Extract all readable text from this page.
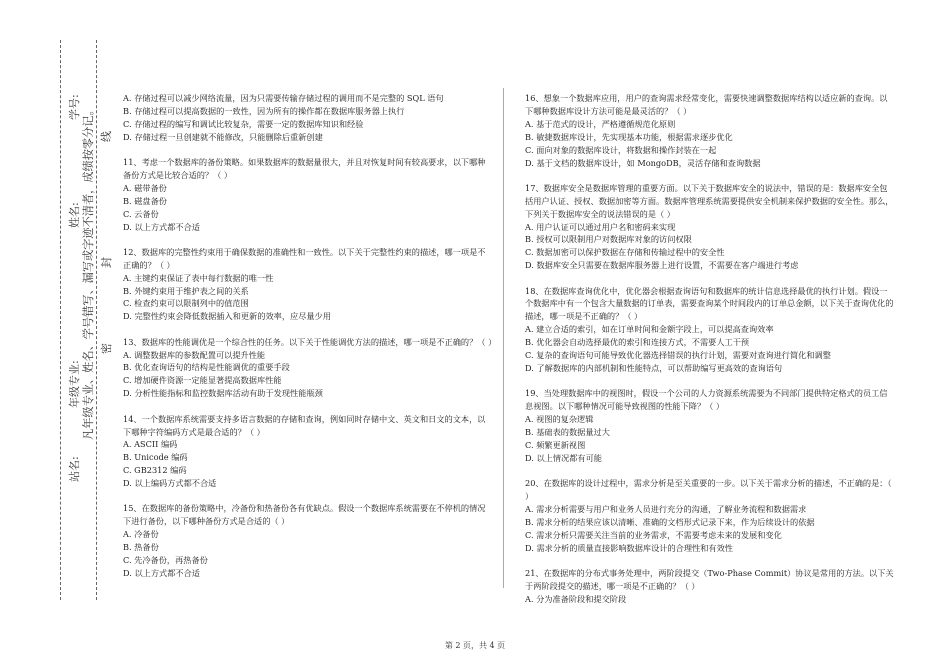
学号:
姓名:
年级专业:
站名:
凡年级专业、姓名、学号错写、漏写或字迹不清者，成绩按零分记。 密
封
线

A. 存储过程可以减少网络流量，因为只需要传输存储过程的调用而不是完整的 SQL 语句

B. 存储过程可以提高数据的一致性，因为所有的操作都在数据库服务器上执行

C. 存储过程的编写和调试比较复杂，需要一定的数据库知识和经验

D. 存储过程一旦创建就不能修改，只能删除后重新创建

11、考虑一个数据库的备份策略。如果数据库的数据量很大，并且对恢复时间有较高要求，以下哪种备份方式是比较合适的？（ ）

A. 磁带备份

B. 磁盘备份

C. 云备份

D. 以上方式都不合适

12、数据库的完整性约束用于确保数据的准确性和一致性。以下关于完整性约束的描述，哪一项是不正确的？（ ）

A. 主键约束保证了表中每行数据的唯一性

B. 外键约束用于维护表之间的关系

C. 检查约束可以限制列中的值范围

D. 完整性约束会降低数据插入和更新的效率，应尽量少用

13、数据库的性能调优是一个综合性的任务。以下关于性能调优方法的描述，哪一项是不正确的？（ ）

A. 调整数据库的参数配置可以提升性能

B. 优化查询语句的结构是性能调优的重要手段

C. 增加硬件资源一定能显著提高数据库性能

D. 分析性能指标和监控数据库活动有助于发现性能瓶颈

14、一个数据库系统需要支持多语言数据的存储和查询，例如同时存储中文、英文和日文的文本，以下哪种字符编码方式是最合适的？（ ）

A. ASCII 编码

B. Unicode 编码

C. GB2312 编码

D. 以上编码方式都不合适

15、在数据库的备份策略中，冷备份和热备份各有优缺点。假设一个数据库系统需要在不停机的情况下进行备份，以下哪种备份方式是合适的（ ）

A. 冷备份

B. 热备份

C. 先冷备份，再热备份

D. 以上方式都不合适

16、想象一个数据库应用，用户的查询需求经常变化，需要快速调整数据库结构以适应新的查询。以下哪种数据库设计方法可能是最灵活的？（ ）

A. 基于范式的设计，严格遵循规范化原则

B. 敏捷数据库设计，先实现基本功能，根据需求逐步优化

C. 面向对象的数据库设计，将数据和操作封装在一起

D. 基于文档的数据库设计，如 MongoDB，灵活存储和查询数据

17、数据库安全是数据库管理的重要方面。以下关于数据库安全的说法中，错误的是：数据库安全包括用户认证、授权、数据加密等方面。数据库管理系统需要提供安全机制来保护数据的安全性。那么，下列关于数据库安全的说法错误的是（ ）

A. 用户认证可以通过用户名和密码来实现

B. 授权可以限制用户对数据库对象的访问权限

C. 数据加密可以保护数据在存储和传输过程中的安全性

D. 数据库安全只需要在数据库服务器上进行设置，不需要在客户端进行考虑

18、在数据库查询优化中，优化器会根据查询语句和数据库的统计信息选择最优的执行计划。假设一个数据库中有一个包含大量数据的订单表，需要查询某个时间段内的订单总金额，以下关于查询优化的描述，哪一项是不正确的？（ ）

A. 建立合适的索引，如在订单时间和金额字段上，可以提高查询效率

B. 优化器会自动选择最优的索引和连接方式，不需要人工干预

C. 复杂的查询语句可能导致优化器选择错误的执行计划，需要对查询进行简化和调整

D. 了解数据库的内部机制和性能特点，可以帮助编写更高效的查询语句

19、当处理数据库中的视图时，假设一个公司的人力资源系统需要为不同部门提供特定格式的员工信息视图。以下哪种情况可能导致视图的性能下降？（ ）

A. 视图的复杂逻辑

B. 基础表的数据量过大

C. 频繁更新视图

D. 以上情况都有可能

20、在数据库的设计过程中，需求分析是至关重要的一步。以下关于需求分析的描述，不正确的是：（ ）

A. 需求分析需要与用户和业务人员进行充分的沟通，了解业务流程和数据需求

B. 需求分析的结果应该以清晰、准确的文档形式记录下来，作为后续设计的依据

C. 需求分析只需要关注当前的业务需求，不需要考虑未来的发展和变化

D. 需求分析的质量直接影响数据库设计的合理性和有效性

21、在数据库的分布式事务处理中，两阶段提交（Two-Phase Commit）协议是常用的方法。以下关于两阶段提交的描述，哪一项是不正确的？（ ）

A. 分为准备阶段和提交阶段

第 2 页，共 4 页
